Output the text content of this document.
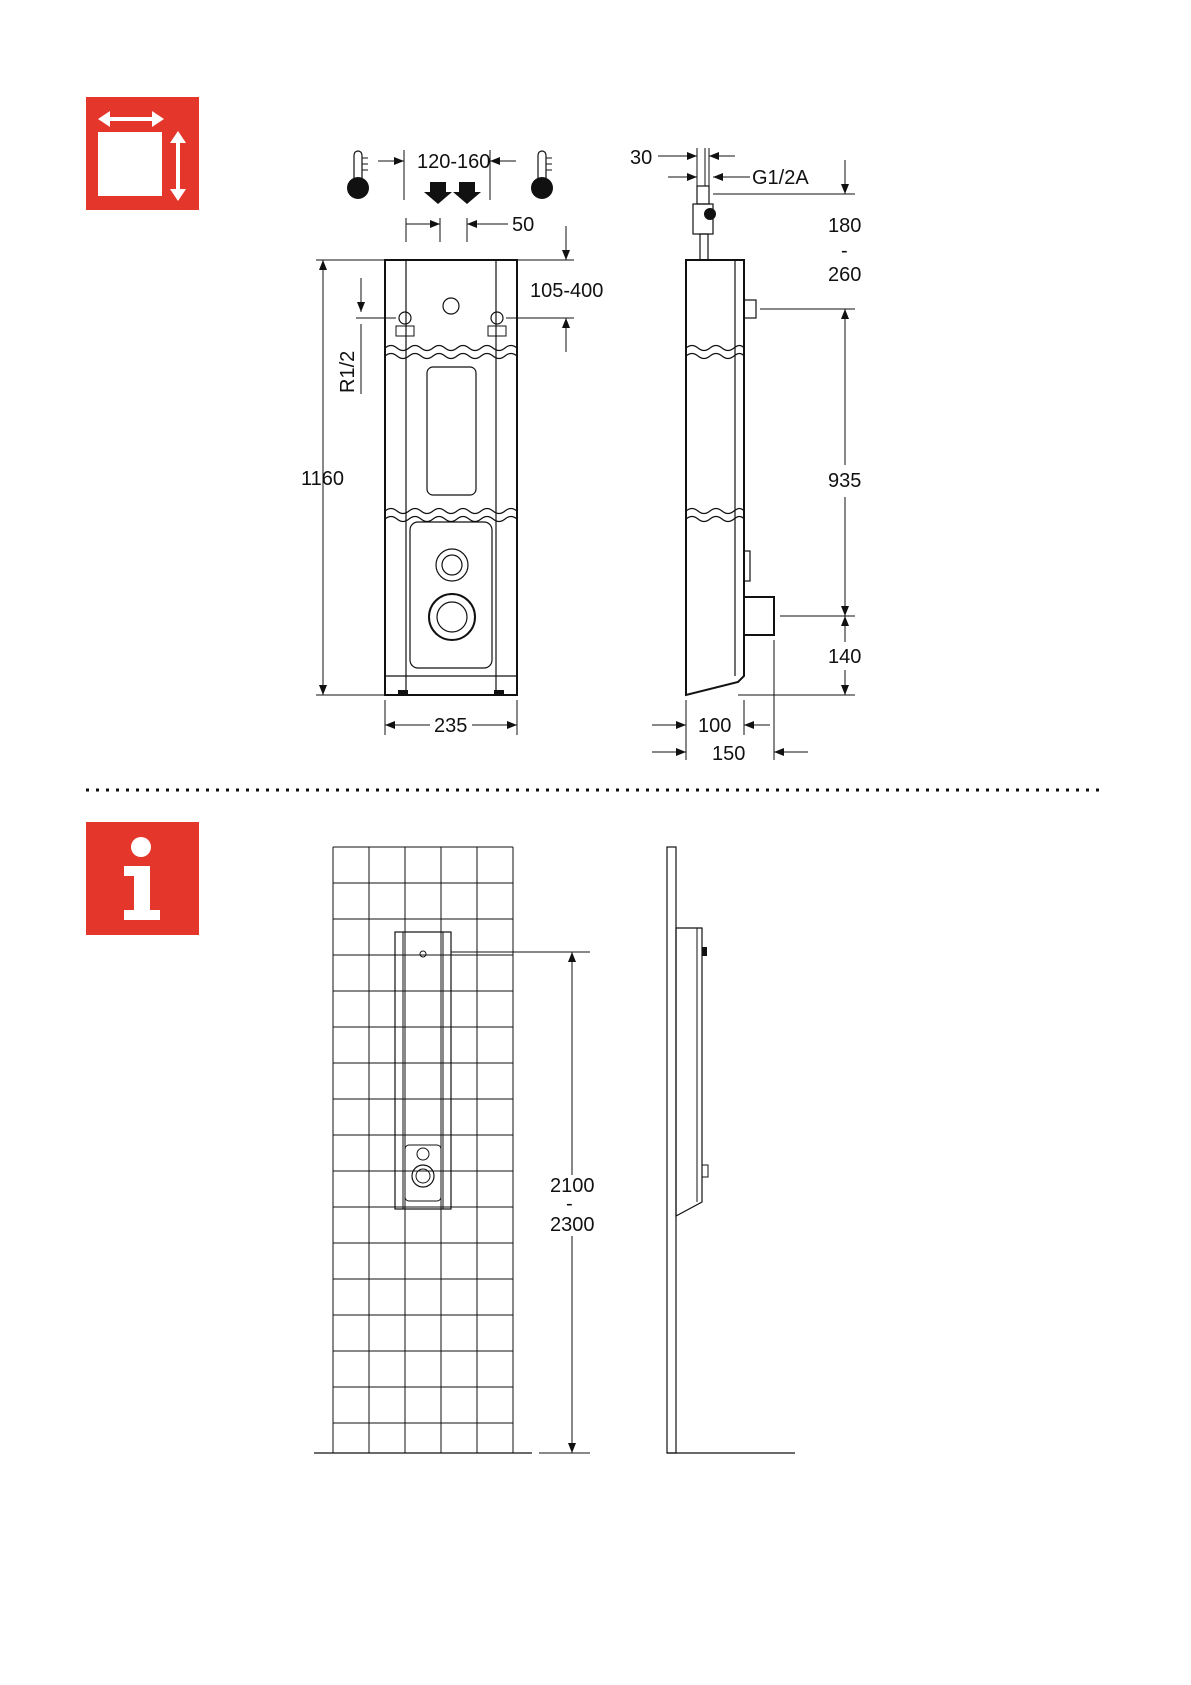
120-160
50
1160
R1/2
105-400
235
30
G1/2A
180
-
260
935
140
100
150
2100
-
2300
